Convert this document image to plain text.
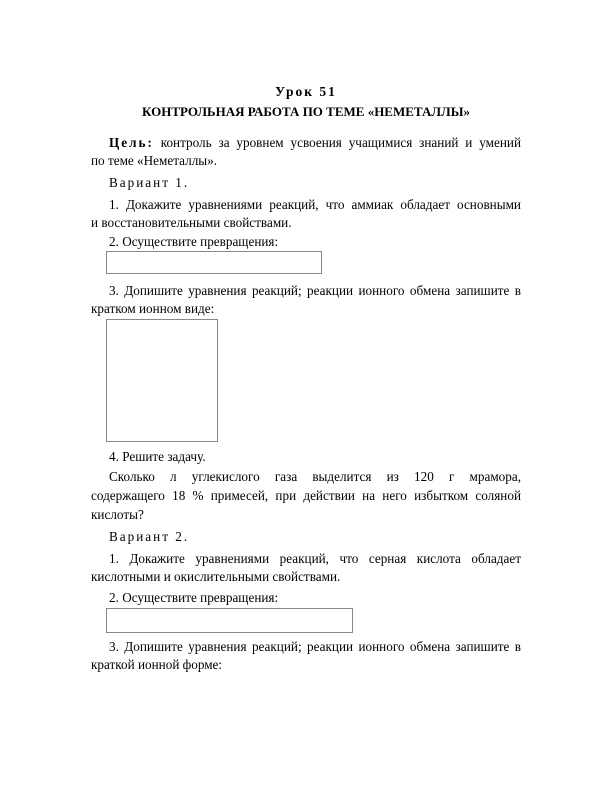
Урок 51
КОНТРОЛЬНАЯ РАБОТА ПО ТЕМЕ «НЕМЕТАЛЛЫ»
Цель: контроль за уровнем усвоения учащимися знаний и умений
по теме «Неметаллы».
Вариант 1.
1. Докажите уравнениями реакций, что аммиак обладает основными
и восстановительными свойствами.
2. Осуществите превращения:
3. Допишите уравнения реакций; реакции ионного обмена запишите в
кратком ионном виде:
4. Решите задачу.
Сколько л углекислого газа выделится из 120 г мрамора,
содержащего 18 % примесей, при действии на него избытком соляной
кислоты?
Вариант 2.
1. Докажите уравнениями реакций, что серная кислота обладает
кислотными и окислительными свойствами.
2. Осуществите превращения:
3. Допишите уравнения реакций; реакции ионного обмена запишите в
краткой ионной форме:
